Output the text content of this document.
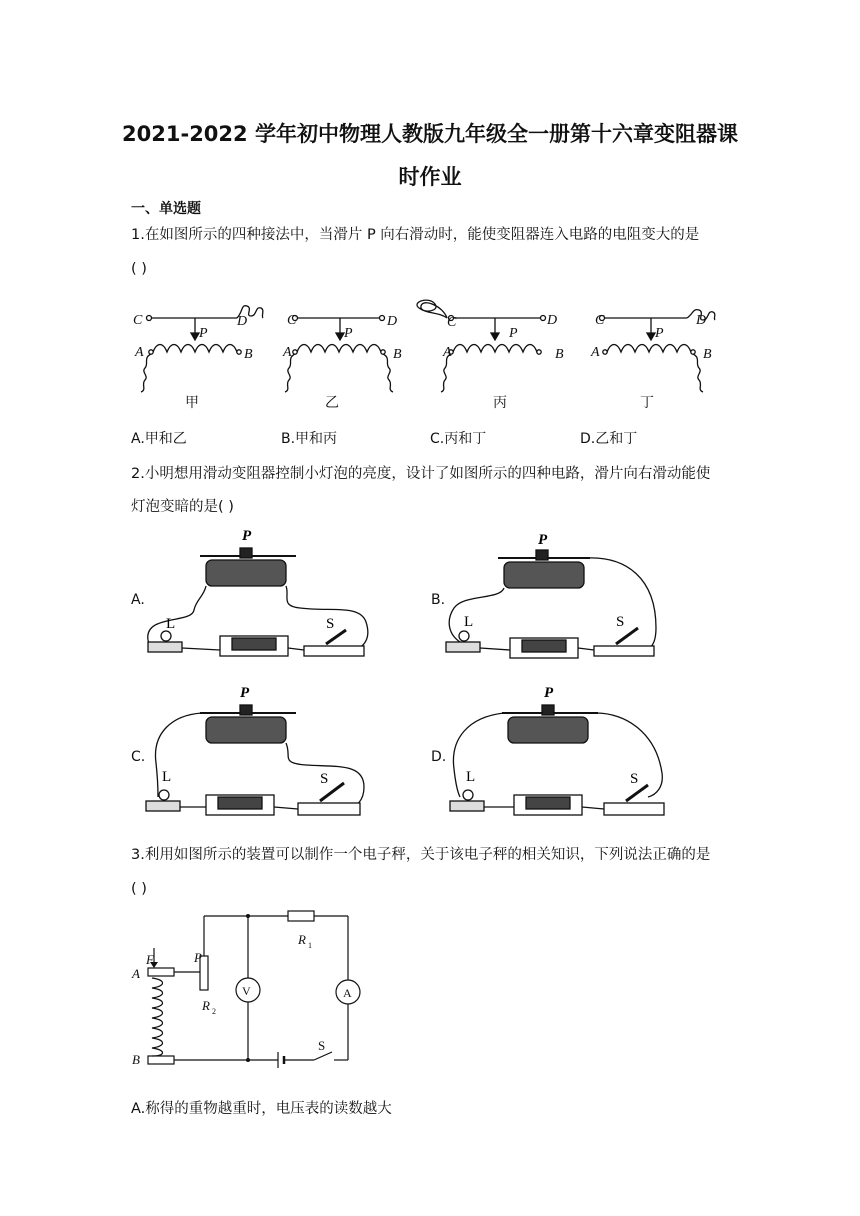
2021-2022 学年初中物理人教版九年级全一册第十六章变阻器课
时作业
一、单选题
1.在如图所示的四种接法中，当滑片 P 向右滑动时，能使变阻器连入电路的电阻变大的是
( )
C	D
P
A	B
C	D
P
A	B
C	D
P
A	B
C	D
P
A	B
甲	乙	丙	丁
A.甲和乙	B.甲和丙	C.丙和丁	D.乙和丁
2.小明想用滑动变阻器控制小灯泡的亮度，设计了如图所示的四种电路，滑片向右滑动能使
灯泡变暗的是( )
A.	B.
C.	D.
P
L	S
P
L	S
P
L	S
P
L	S
3.利用如图所示的装置可以制作一个电子秤，关于该电子秤的相关知识，下列说法正确的是
( )
F
A
B
P
R 1
R 2
V	A
S
A.称得的重物越重时，电压表的读数越大
